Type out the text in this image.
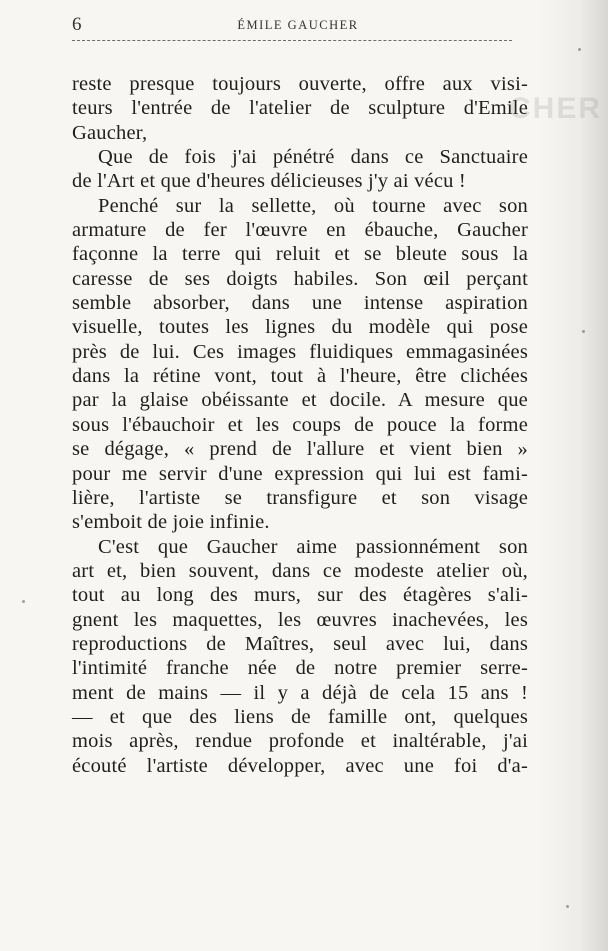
CHER
6	ÉMILE GAUCHER
reste presque toujours ouverte, offre aux visi-
teurs l'entrée de l'atelier de sculpture d'Emile
Gaucher,
Que de fois j'ai pénétré dans ce Sanctuaire
de l'Art et que d'heures délicieuses j'y ai vécu !
Penché sur la sellette, où tourne avec son
armature de fer l'œuvre en ébauche, Gaucher
façonne la terre qui reluit et se bleute sous la
caresse de ses doigts habiles. Son œil perçant
semble absorber, dans une intense aspiration
visuelle, toutes les lignes du modèle qui pose
près de lui. Ces images fluidiques emmagasinées
dans la rétine vont, tout à l'heure, être clichées
par la glaise obéissante et docile. A mesure que
sous l'ébauchoir et les coups de pouce la forme
se dégage, « prend de l'allure et vient bien »
pour me servir d'une expression qui lui est fami-
lière, l'artiste se transfigure et son visage
s'emboit de joie infinie.
C'est que Gaucher aime passionnément son
art et, bien souvent, dans ce modeste atelier où,
tout au long des murs, sur des étagères s'ali-
gnent les maquettes, les œuvres inachevées, les
reproductions de Maîtres, seul avec lui, dans
l'intimité franche née de notre premier serre-
ment de mains — il y a déjà de cela 15 ans !
— et que des liens de famille ont, quelques
mois après, rendue profonde et inaltérable, j'ai
écouté l'artiste développer, avec une foi d'a-
